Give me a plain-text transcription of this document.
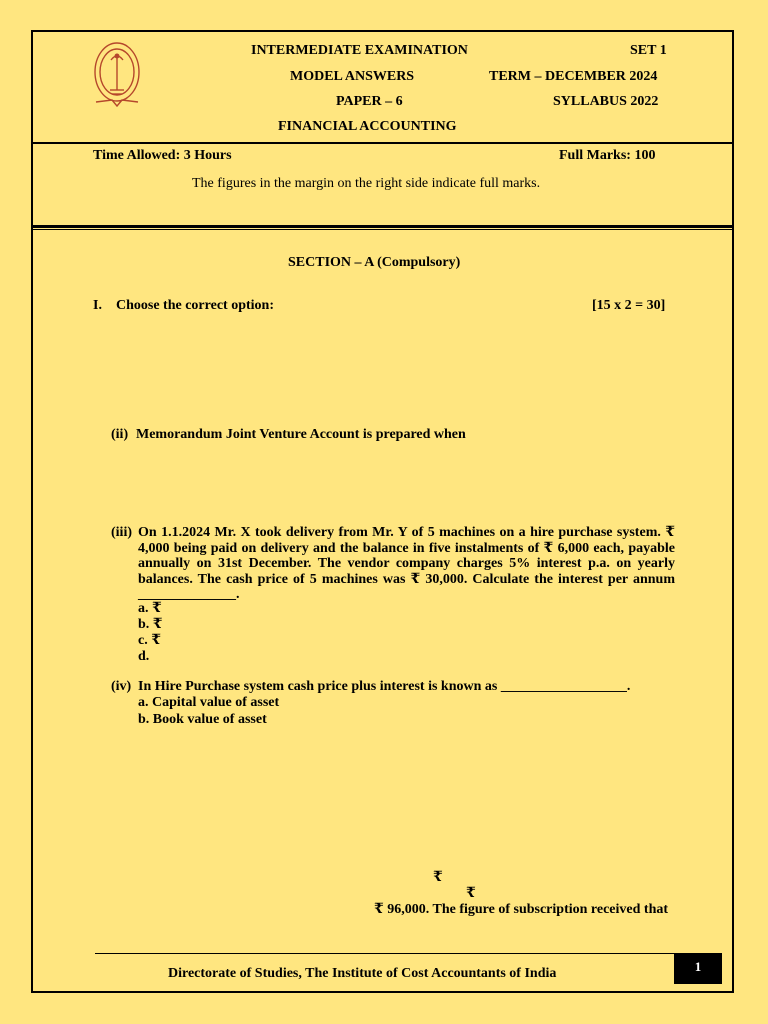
INTERMEDIATE EXAMINATION	SET 1
MODEL ANSWERS	TERM – DECEMBER 2024
PAPER – 6	SYLLABUS 2022
FINANCIAL ACCOUNTING
Time Allowed: 3 Hours	Full Marks: 100
The figures in the margin on the right side indicate full marks.
SECTION – A (Compulsory)
I. Choose the correct option:	[15 x 2 = 30]
(ii) Memorandum Joint Venture Account is prepared when
(iii) On 1.1.2024 Mr. X took delivery from Mr. Y of 5 machines on a hire purchase system. ₹ 4,000 being paid on delivery and the balance in five instalments of ₹ 6,000 each, payable annually on 31st December. The vendor company charges 5% interest p.a. on yearly balances. The cash price of 5 machines was ₹ 30,000. Calculate the interest per annum ______________.
a. ₹
b. ₹
c. ₹
d.
(iv) In Hire Purchase system cash price plus interest is known as __________________.
a. Capital value of asset
b. Book value of asset
₹
₹
₹ 96,000. The figure of subscription received that
Directorate of Studies, The Institute of Cost Accountants of India	1
